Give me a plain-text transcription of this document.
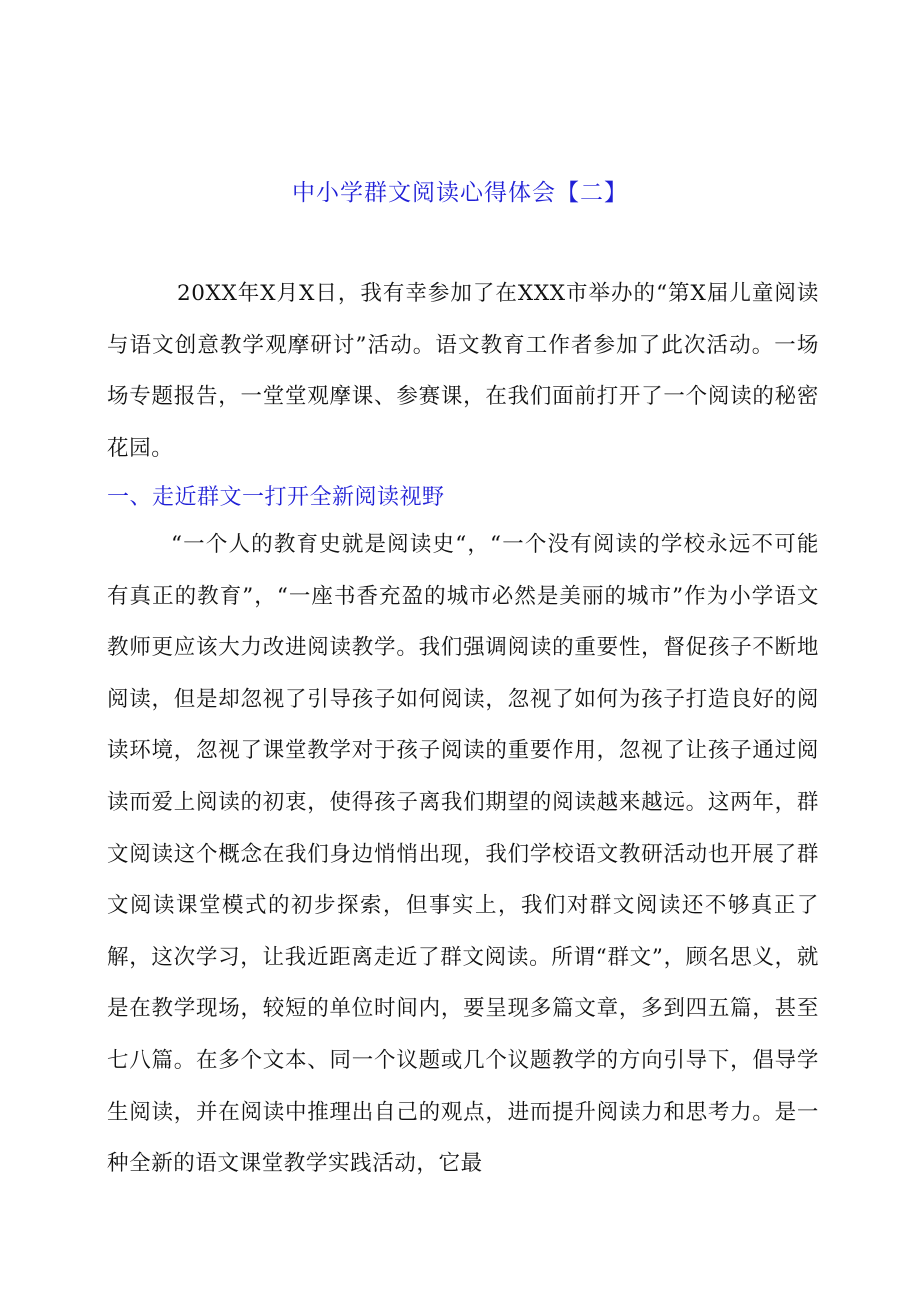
中小学群文阅读心得体会【二】
20XX年X月X日，我有幸参加了在XXX市举办的“第X届儿童阅读与语文创意教学观摩研讨”活动。语文教育工作者参加了此次活动。一场场专题报告，一堂堂观摩课、参赛课，在我们面前打开了一个阅读的秘密花园。
一、走近群文一打开全新阅读视野
“一个人的教育史就是阅读史“，“一个没有阅读的学校永远不可能有真正的教育”，“一座书香充盈的城市必然是美丽的城市”作为小学语文教师更应该大力改进阅读教学。我们强调阅读的重要性，督促孩子不断地阅读，但是却忽视了引导孩子如何阅读，忽视了如何为孩子打造良好的阅读环境，忽视了课堂教学对于孩子阅读的重要作用，忽视了让孩子通过阅读而爱上阅读的初衷，使得孩子离我们期望的阅读越来越远。这两年，群文阅读这个概念在我们身边悄悄出现，我们学校语文教研活动也开展了群文阅读课堂模式的初步探索，但事实上，我们对群文阅读还不够真正了解，这次学习，让我近距离走近了群文阅读。所谓“群文”，顾名思义，就是在教学现场，较短的单位时间内，要呈现多篇文章，多到四五篇，甚至七八篇。在多个文本、同一个议题或几个议题教学的方向引导下，倡导学生阅读，并在阅读中推理出自己的观点，进而提升阅读力和思考力。是一种全新的语文课堂教学实践活动，它最
